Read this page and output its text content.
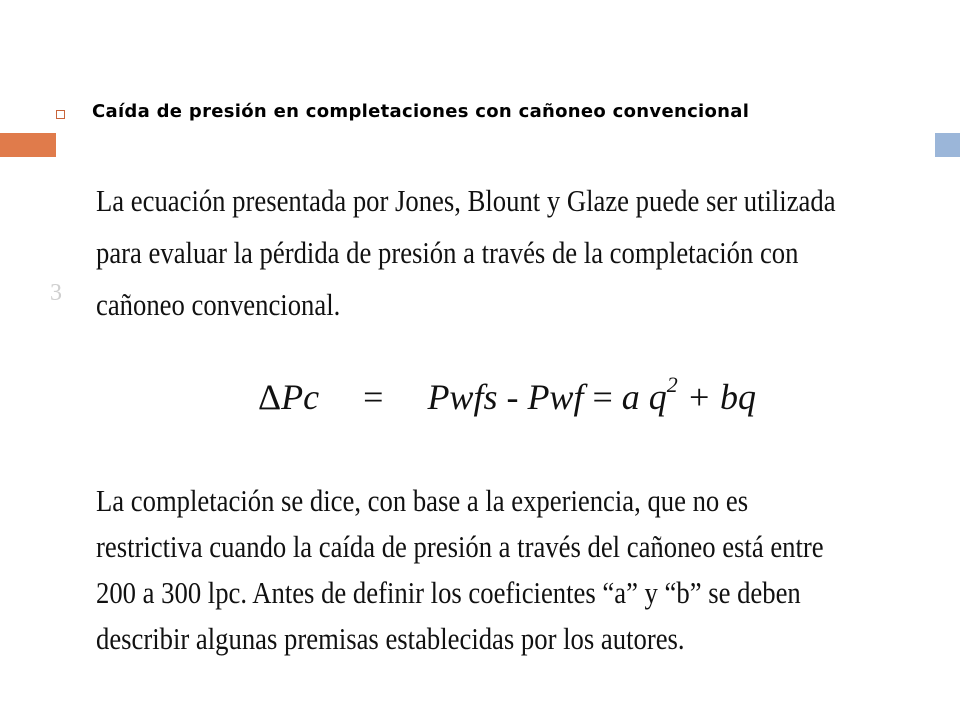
Caída de presión en completaciones con cañoneo convencional
3
La ecuación presentada por Jones, Blount y Glaze puede ser utilizada
para evaluar la pérdida de presión a través de la completación con
cañoneo convencional.
ΔPc = Pwfs - Pwf = a $q^2$ + bq
La completación se dice, con base a la experiencia, que no es
restrictiva cuando la caída de presión a través del cañoneo está entre
200 a 300 lpc. Antes de definir los coeficientes “a” y “b” se deben
describir algunas premisas establecidas por los autores.
